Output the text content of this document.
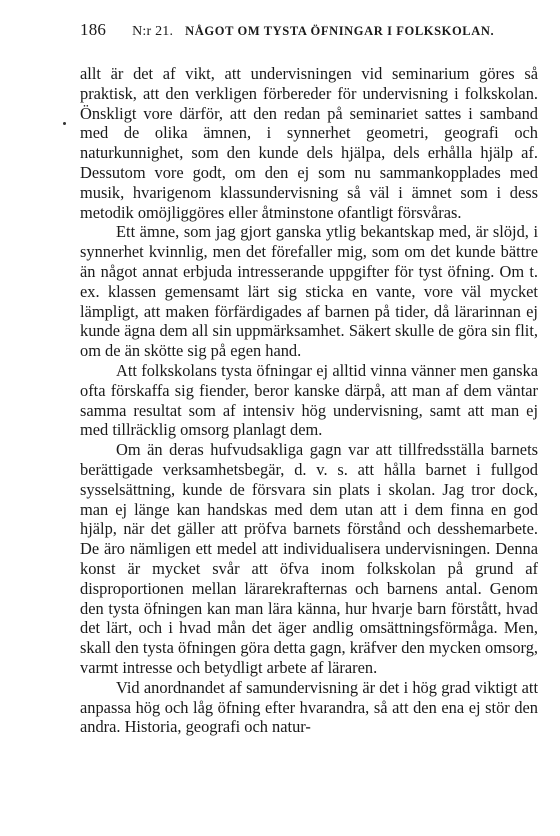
186 N:r 21. NÅGOT OM TYSTA ÖFNINGAR I FOLKSKOLAN.

allt är det af vikt, att undervisningen vid seminarium göres så praktisk, att den verkligen förbereder för undervisning i folkskolan. Önskligt vore därför, att den redan på seminariet sattes i samband med de olika ämnen, i synnerhet geometri, geografi och naturkunnighet, som den kunde dels hjälpa, dels erhålla hjälp af. Dessutom vore godt, om den ej som nu sammankopplades med musik, hvarigenom klassundervisning så väl i ämnet som i dess metodik omöjliggöres eller åtminstone ofantligt försvåras.

Ett ämne, som jag gjort ganska ytlig bekantskap med, är slöjd, i synnerhet kvinnlig, men det förefaller mig, som om det kunde bättre än något annat erbjuda intresserande uppgifter för tyst öfning. Om t. ex. klassen gemensamt lärt sig sticka en vante, vore väl mycket lämpligt, att maken förfärdigades af barnen på tider, då lärarinnan ej kunde ägna dem all sin uppmärksamhet. Säkert skulle de göra sin flit, om de än skötte sig på egen hand.

Att folkskolans tysta öfningar ej alltid vinna vänner men ganska ofta förskaffa sig fiender, beror kanske därpå, att man af dem väntar samma resultat som af intensiv hög undervisning, samt att man ej med tillräcklig omsorg planlagt dem.

Om än deras hufvudsakliga gagn var att tillfredsställa barnets berättigade verksamhetsbegär, d. v. s. att hålla barnet i fullgod sysselsättning, kunde de försvara sin plats i skolan. Jag tror dock, man ej länge kan handskas med dem utan att i dem finna en god hjälp, när det gäller att pröfva barnets förstånd och desshemarbete. De äro nämligen ett medel att individualisera undervisningen. Denna konst är mycket svår att öfva inom folkskolan på grund af disproportionen mellan lärarekrafternas och barnens antal. Genom den tysta öfningen kan man lära känna, hur hvarje barn förstått, hvad det lärt, och i hvad mån det äger andlig omsättningsförmåga. Men, skall den tysta öfningen göra detta gagn, kräfver den mycken omsorg, varmt intresse och betydligt arbete af läraren.

Vid anordnandet af samundervisning är det i hög grad viktigt att anpassa hög och låg öfning efter hvarandra, så att den ena ej stör den andra. Historia, geografi och natur-
